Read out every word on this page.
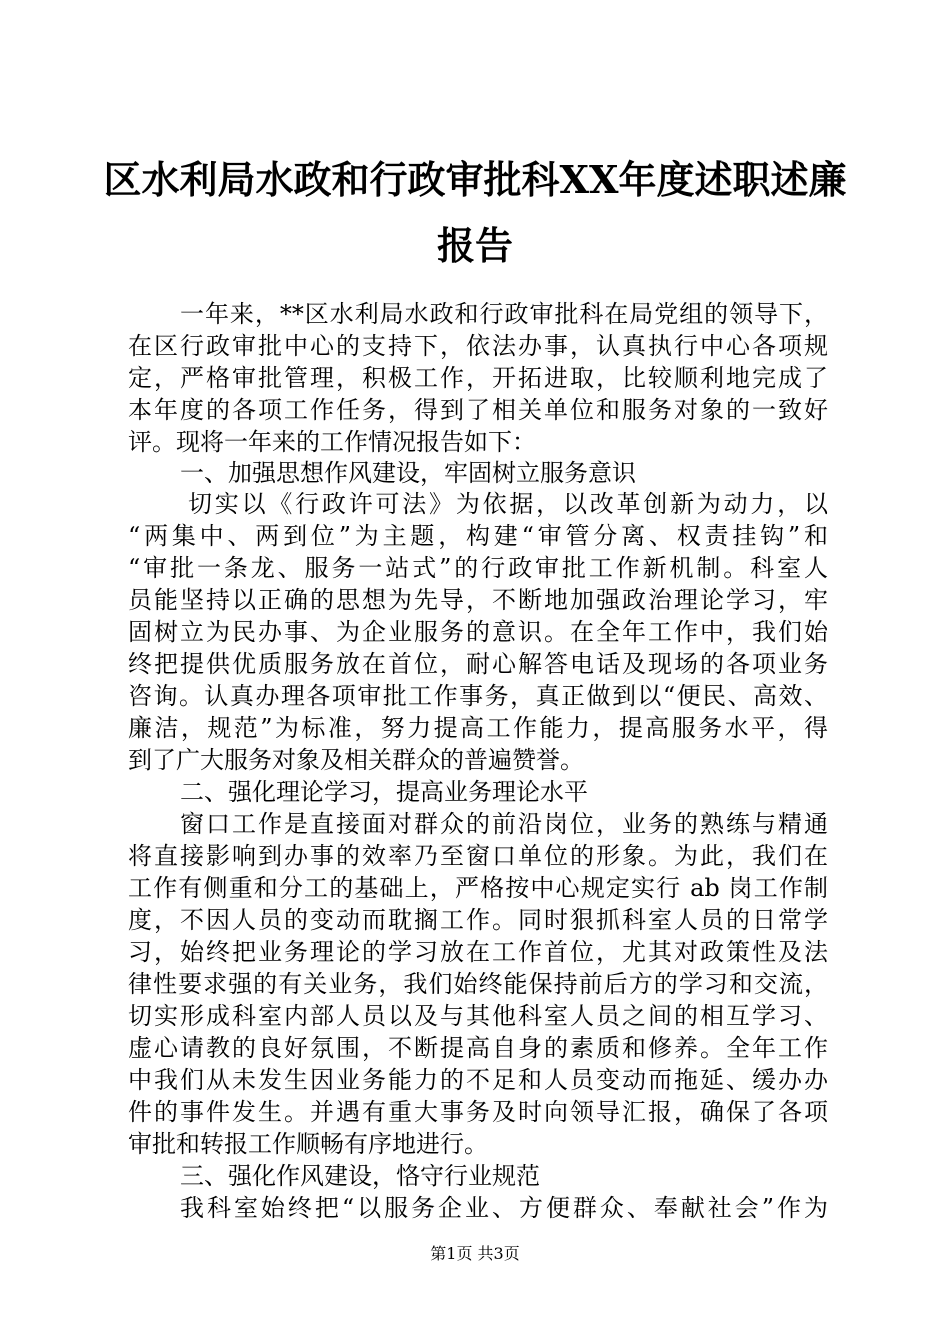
区水利局水政和行政审批科XX年度述职述廉
报告

一年来，**区水利局水政和行政审批科在局党组的领导下，

在区行政审批中心的支持下，依法办事，认真执行中心各项规

定，严格审批管理，积极工作，开拓进取，比较顺利地完成了

本年度的各项工作任务，得到了相关单位和服务对象的一致好

评。现将一年来的工作情况报告如下：

一、加强思想作风建设，牢固树立服务意识

切实以《行政许可法》为依据，以改革创新为动力，以

“两集中、两到位”为主题，构建“审管分离、权责挂钩”和

“审批一条龙、服务一站式”的行政审批工作新机制。科室人

员能坚持以正确的思想为先导，不断地加强政治理论学习，牢

固树立为民办事、为企业服务的意识。在全年工作中，我们始

终把提供优质服务放在首位，耐心解答电话及现场的各项业务

咨询。认真办理各项审批工作事务，真正做到以“便民、高效、

廉洁，规范”为标准，努力提高工作能力，提高服务水平，得

到了广大服务对象及相关群众的普遍赞誉。

二、强化理论学习，提高业务理论水平

窗口工作是直接面对群众的前沿岗位，业务的熟练与精通

将直接影响到办事的效率乃至窗口单位的形象。为此，我们在

工作有侧重和分工的基础上，严格按中心规定实行 ab 岗工作制

度，不因人员的变动而耽搁工作。同时狠抓科室人员的日常学

习，始终把业务理论的学习放在工作首位，尤其对政策性及法

律性要求强的有关业务，我们始终能保持前后方的学习和交流，

切实形成科室内部人员以及与其他科室人员之间的相互学习、

虚心请教的良好氛围，不断提高自身的素质和修养。全年工作

中我们从未发生因业务能力的不足和人员变动而拖延、缓办办

件的事件发生。并遇有重大事务及时向领导汇报，确保了各项

审批和转报工作顺畅有序地进行。

三、强化作风建设，恪守行业规范

我科室始终把“以服务企业、方便群众、奉献社会”作为

第1页 共3页
